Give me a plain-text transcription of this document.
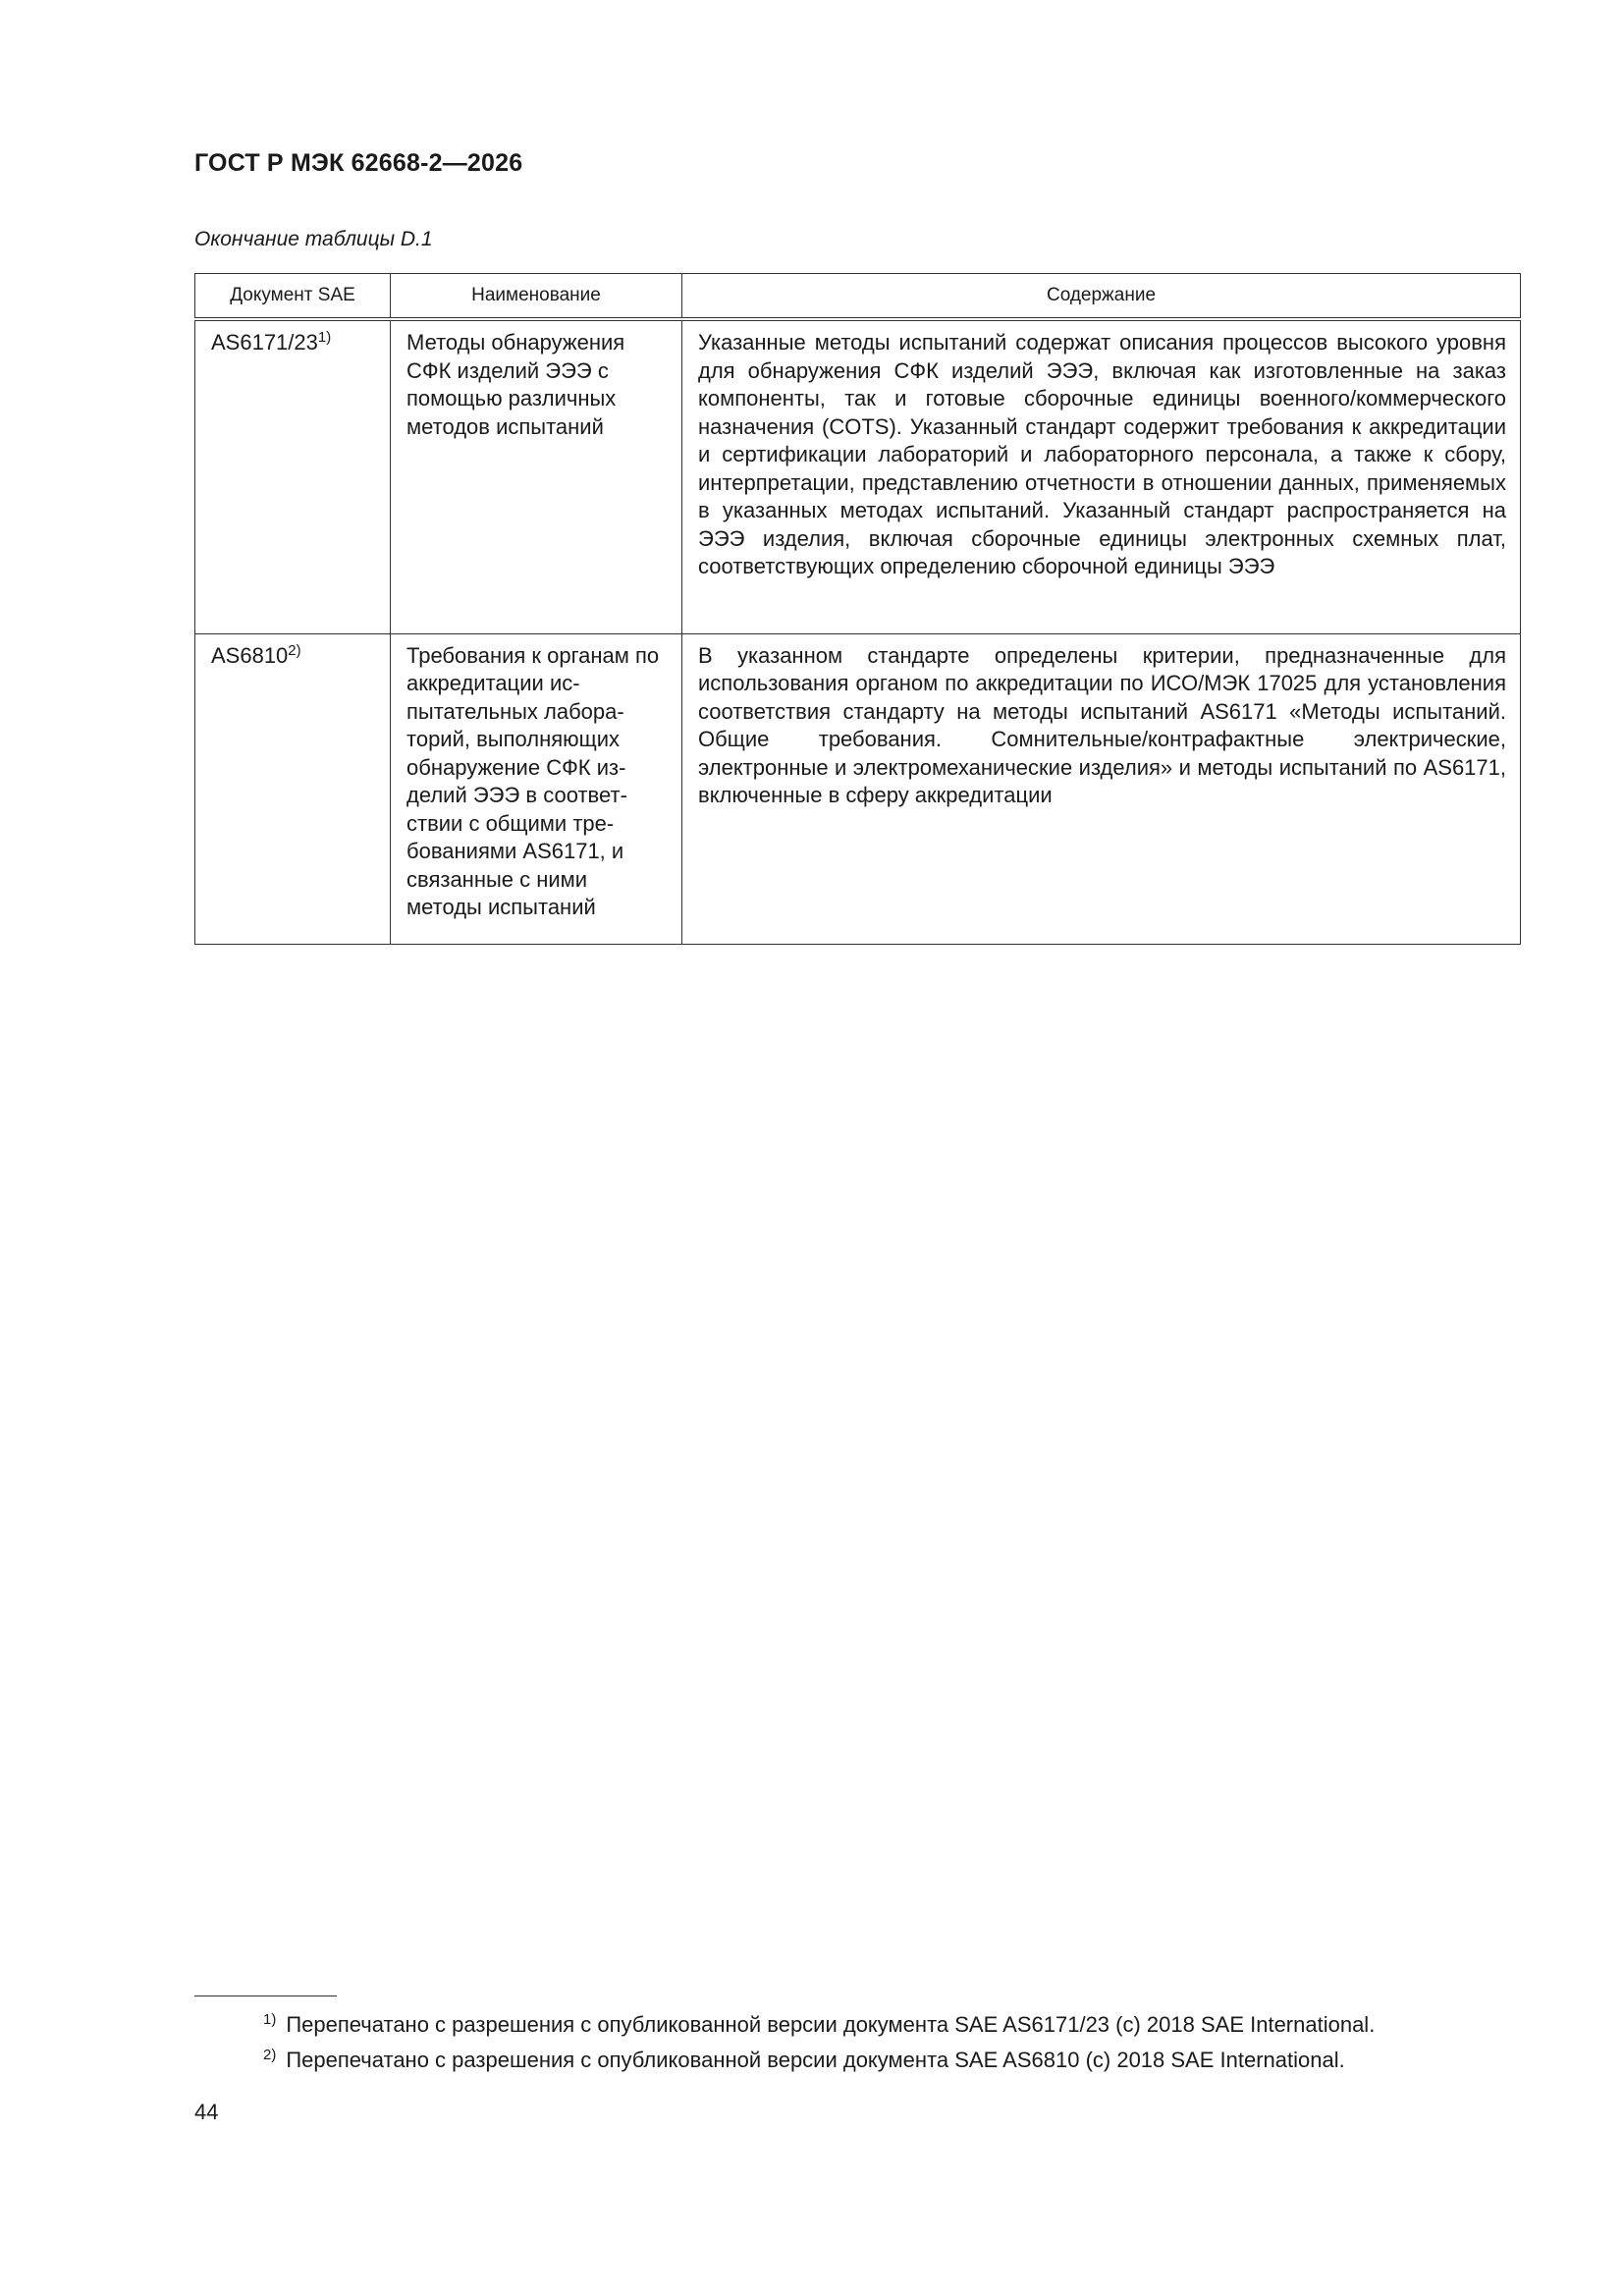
ГОСТ Р МЭК 62668-2—2026
Окончание таблицы D.1
Документ SAE	Наименование	Содержание
AS6171/23$^{1)}$	Методы обнаружения СФК изделий ЭЭЭ с помощью различных методов испытаний	Указанные методы испытаний содержат описания процессов высокого уровня для обнаружения СФК изделий ЭЭЭ, включая как изготовленные на заказ компоненты, так и готовые сборочные единицы военного/коммерческого назначения (COTS). Указанный стандарт содержит требования к аккредитации и сертификации лабораторий и лабораторного персонала, а также к сбору, интерпретации, представлению отчетности в отношении данных, применяемых в указанных методах испытаний. Указанный стандарт распространяется на ЭЭЭ изделия, включая сборочные единицы электронных схемных плат, соответствующих определению сборочной единицы ЭЭЭ
AS6810$^{2)}$	Требования к органам по аккредитации испытательных лабораторий, выполняющих обнаружение СФК изделий ЭЭЭ в соответствии с общими требованиями AS6171, и связанные с ними методы испытаний	В указанном стандарте определены критерии, предназначенные для использования органом по аккредитации по ИСО/МЭК 17025 для установления соответствия стандарту на методы испытаний AS6171 «Методы испытаний. Общие требования. Сомнительные/контрафактные электрические, электронные и электромеханические изделия» и методы испытаний по AS6171, включенные в сферу аккредитации
$^{1)}$ Перепечатано с разрешения с опубликованной версии документа SAE AS6171/23 (c) 2018 SAE International.
$^{2)}$ Перепечатано с разрешения с опубликованной версии документа SAE AS6810 (c) 2018 SAE International.
44
